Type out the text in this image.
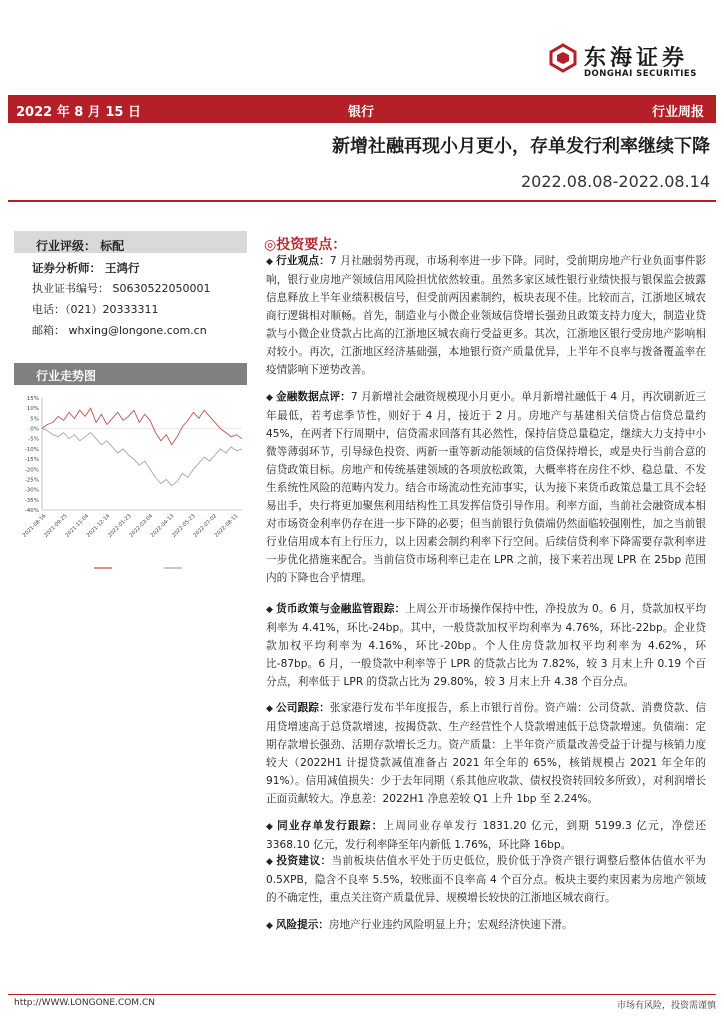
东海证券
DONGHAI SECURITIES
2022 年 8 月 15 日	银行	行业周报
新增社融再现小月更小，存单发行利率继续下降
2022.08.08-2022.08.14
行业评级： 标配
证券分析师： 王鸿行
执业证书编号： S0630522050001
电话：（021）20333311
邮箱： whxing@longone.com.cn
行业走势图
15%
10%
5%
0%
-5%
-10%
-15%
-20%
-25%
-30%
-35%
-40%
2021-08-16
2021-09-25
2021-11-04
2021-12-14
2022-01-23
2022-03-04
2022-04-13
2022-05-23
2022-07-02
2022-08-11
◎投资要点：
◆ 行业观点：7 月社融弱势再现，市场利率进一步下降。同时，受前期房地产行业负面事件影响，银行业房地产领域信用风险担忧依然较重。虽然多家区域性银行业绩快报与银保监会披露信息释放上半年业绩积极信号，但受前两因素制约，板块表现不佳。比较而言，江浙地区城农商行逻辑相对顺畅。首先，制造业与小微企业领域信贷增长强劲且政策支持力度大，制造业贷款与小微企业贷款占比高的江浙地区城农商行受益更多。其次，江浙地区银行受房地产影响相对较小。再次，江浙地区经济基础强，本地银行资产质量优异，上半年不良率与拨备覆盖率在疫情影响下逆势改善。
◆ 金融数据点评：7 月新增社会融资规模现小月更小。单月新增社融低于 4 月，再次刷新近三年最低，若考虑季节性，则好于 4 月，接近于 2 月。房地产与基建相关信贷占信贷总量约 45%，在两者下行周期中，信贷需求回落有其必然性，保持信贷总量稳定，继续大力支持中小微等薄弱环节，引导绿色投资、两新一重等新动能领域的信贷保持增长，或是央行当前合意的信贷政策目标。房地产和传统基建领域的各项放松政策，大概率将在房住不炒、稳总量、不发生系统性风险的范畴内发力。结合市场流动性充沛事实，认为接下来货币政策总量工具不会轻易出手，央行将更加聚焦利用结构性工具发挥信贷引导作用。利率方面，当前社会融资成本相对市场资金利率仍存在进一步下降的必要；但当前银行负债端仍然面临较强刚性，加之当前银行业信用成本有上行压力，以上因素会制约利率下行空间。后续信贷利率下降需要存款利率进一步优化措施来配合。当前信贷市场利率已走在 LPR 之前，接下来若出现 LPR 在 25bp 范围内的下降也合乎情理。
◆ 货币政策与金融监管跟踪：上周公开市场操作保持中性，净投放为 0。6 月，贷款加权平均利率为 4.41%，环比-24bp。其中，一般贷款加权平均利率为 4.76%，环比-22bp。企业贷款加权平均利率为 4.16%，环比-20bp。个人住房贷款加权平均利率为 4.62%，环比-87bp。6 月，一般贷款中利率等于 LPR 的贷款占比为 7.82%，较 3 月末上升 0.19 个百分点，利率低于 LPR 的贷款占比为 29.80%，较 3 月末上升 4.38 个百分点。
◆ 公司跟踪：张家港行发布半年度报告，系上市银行首份。资产端：公司贷款、消费贷款、信用贷增速高于总贷款增速，按揭贷款、生产经营性个人贷款增速低于总贷款增速。负债端：定期存款增长强劲、活期存款增长乏力。资产质量：上半年资产质量改善受益于计提与核销力度较大（2022H1 计提贷款减值准备占 2021 年全年的 65%，核销规模占 2021 年全年的 91%）。信用减值损失：少于去年同期（系其他应收款、债权投资转回较多所致），对利润增长正面贡献较大。净息差：2022H1 净息差较 Q1 上升 1bp 至 2.24%。
◆ 同业存单发行跟踪：上周同业存单发行 1831.20 亿元，到期 5199.3 亿元，净偿还 3368.10 亿元，发行利率降至年内新低 1.76%，环比降 16bp。
◆ 投资建议：当前板块估值水平处于历史低位，股价低于净资产银行调整后整体估值水平为 0.5XPB，隐含不良率 5.5%，较账面不良率高 4 个百分点。板块主要约束因素为房地产领域的不确定性，重点关注资产质量优异、规模增长较快的江浙地区城农商行。
◆ 风险提示：房地产行业违约风险明显上升；宏观经济快速下滑。
http://WWW.LONGONE.COM.CN	市场有风险，投资需谨慎
